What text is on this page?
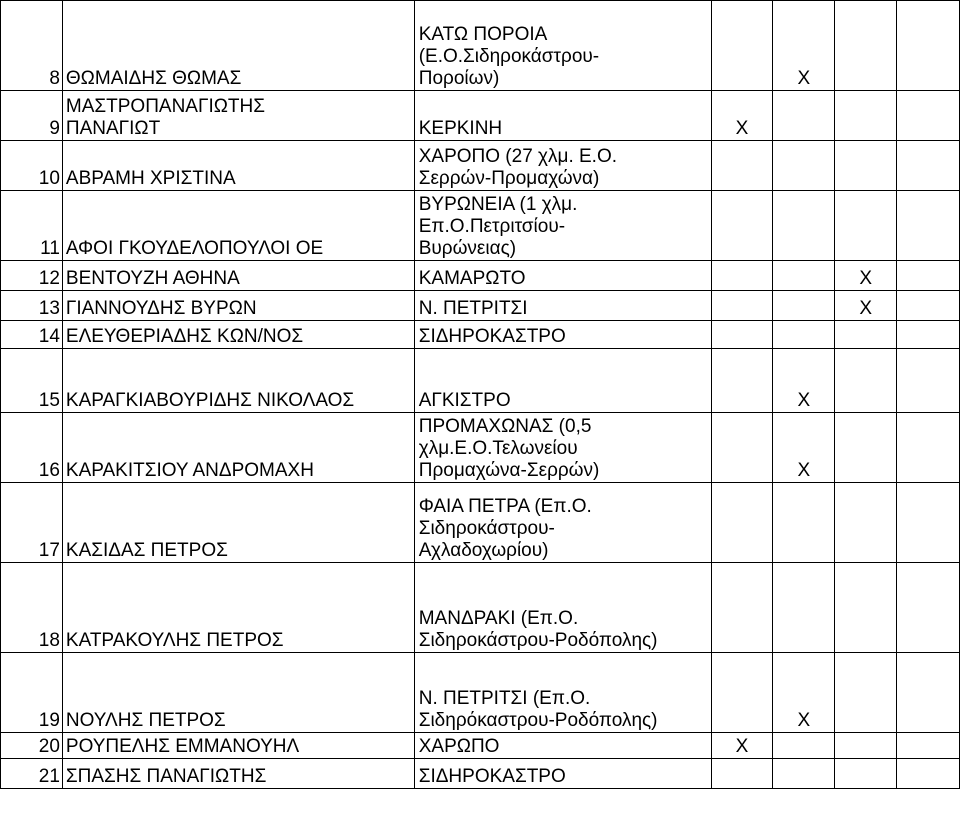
8	ΘΩΜΑΙΔΗΣ ΘΩΜΑΣ	ΚΑΤΩ ΠΟΡΟΙΑ
(Ε.Ο.Σιδηροκάστρου-
Ποροίων)		X		
9	ΜΑΣΤΡΟΠΑΝΑΓΙΩΤΗΣ
ΠΑΝΑΓΙΩΤ	ΚΕΡΚΙΝΗ	X			
10	ΑΒΡΑΜΗ ΧΡΙΣΤΙΝΑ	ΧΑΡΟΠΟ (27 χλμ. Ε.Ο.
Σερρών-Προμαχώνα)				

11	ΑΦΟΙ ΓΚΟΥΔΕΛΟΠΟΥΛΟΙ ΟΕ	ΒΥΡΩΝΕΙΑ (1 χλμ.
Επ.Ο.Πετριτσίου-
Βυρώνειας)				

12	ΒΕΝΤΟΥΖΗ ΑΘΗΝΑ	ΚΑΜΑΡΩΤΟ			X	
13	ΓΙΑΝΝΟΥΔΗΣ ΒΥΡΩΝ	Ν. ΠΕΤΡΙΤΣΙ			X	
14	ΕΛΕΥΘΕΡΙΑΔΗΣ ΚΩΝ/ΝΟΣ	ΣΙΔΗΡΟΚΑΣΤΡΟ				

15	ΚΑΡΑΓΚΙΑΒΟΥΡΙΔΗΣ ΝΙΚΟΛΑΟΣ	ΑΓΚΙΣΤΡΟ		X		
16	ΚΑΡΑΚΙΤΣΙΟΥ ΑΝΔΡΟΜΑΧΗ	ΠΡΟΜΑΧΩΝΑΣ (0,5
χλμ.Ε.Ο.Τελωνείου
Προμαχώνα-Σερρών)		X		
17	ΚΑΣΙΔΑΣ ΠΕΤΡΟΣ	ΦΑΙΑ ΠΕΤΡΑ (Επ.Ο.
Σιδηροκάστρου-
Αχλαδοχωρίου)				

18	ΚΑΤΡΑΚΟΥΛΗΣ ΠΕΤΡΟΣ	ΜΑΝΔΡΑΚΙ (Επ.Ο.
Σιδηροκάστρου-Ροδόπολης)				

19	ΝΟΥΛΗΣ ΠΕΤΡΟΣ	Ν. ΠΕΤΡΙΤΣΙ (Επ.Ο.
Σιδηρόκαστρου-Ροδόπολης)		X		
20	ΡΟΥΠΕΛΗΣ ΕΜΜΑΝΟΥΗΛ	ΧΑΡΩΠΟ	X			
21	ΣΠΑΣΗΣ ΠΑΝΑΓΙΩΤΗΣ	ΣΙΔΗΡΟΚΑΣΤΡΟ				
